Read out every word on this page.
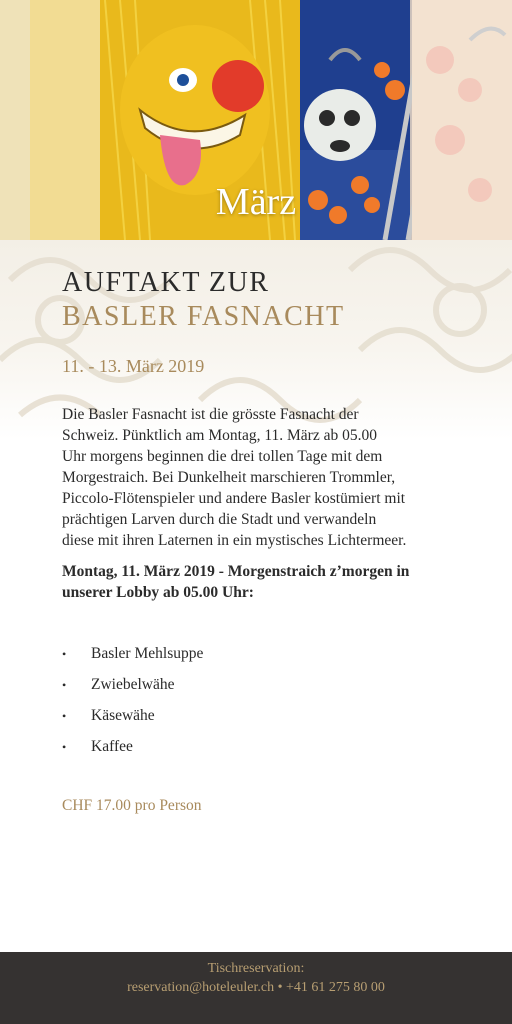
März
AUFTAKT ZUR
BASLER FASNACHT
11. - 13. März 2019
Die Basler Fasnacht ist die grösste Fasnacht der
Schweiz. Pünktlich am Montag, 11. März ab 05.00
Uhr morgens beginnen die drei tollen Tage mit dem
Morgestraich. Bei Dunkelheit marschieren Trommler,
Piccolo-Flötenspieler und andere Basler kostümiert mit
prächtigen Larven durch die Stadt und verwandeln
diese mit ihren Laternen in ein mystisches Lichtermeer.
Montag, 11. März 2019 - Morgenstraich z’morgen in
unserer Lobby ab 05.00 Uhr:
• Basler Mehlsuppe
• Zwiebelwähe
• Käsewähe
• Kaffee
CHF 17.00 pro Person
Tischreservation:
reservation@hoteleuler.ch • +41 61 275 80 00
